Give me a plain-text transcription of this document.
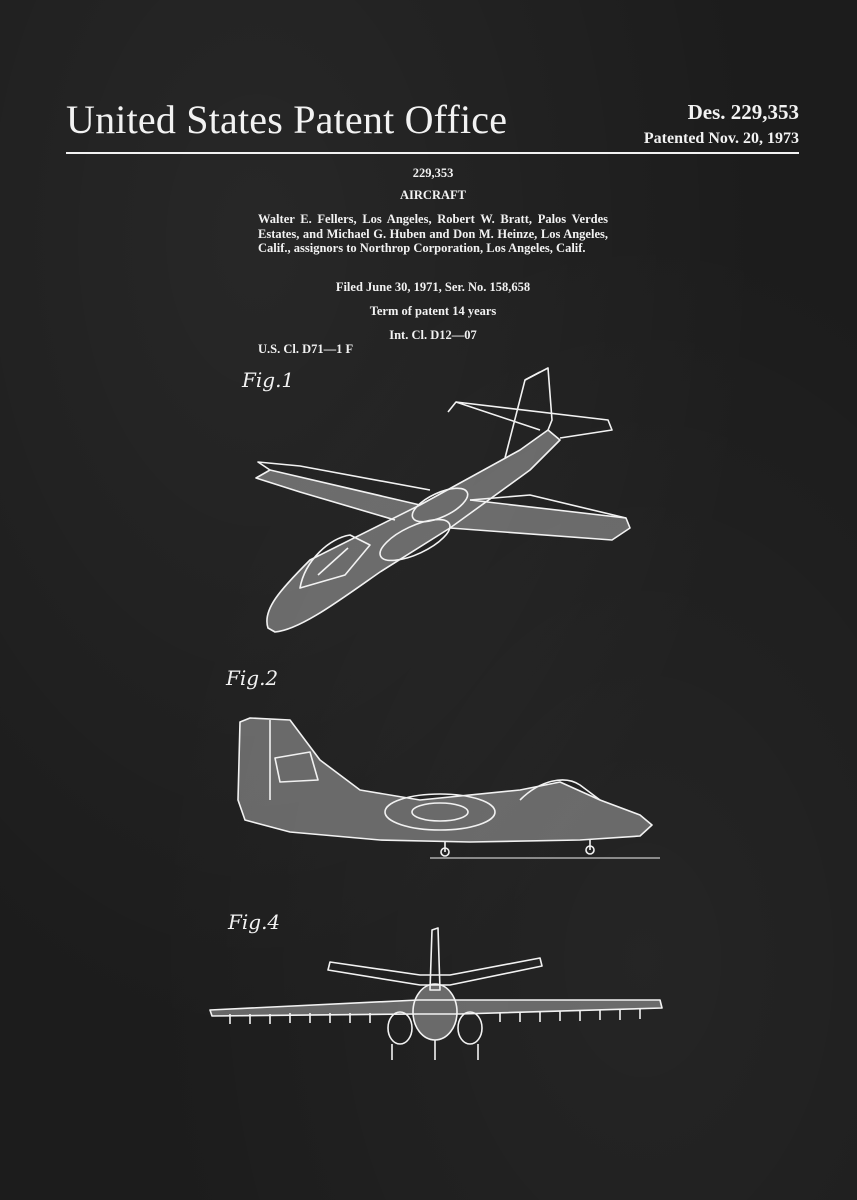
United States Patent Office	Des. 229,353
Patented Nov. 20, 1973
229,353
AIRCRAFT
Walter E. Fellers, Los Angeles, Robert W. Bratt, Palos Verdes Estates, and Michael G. Huben and Don M. Heinze, Los Angeles, Calif., assignors to Northrop Corporation, Los Angeles, Calif.
Filed June 30, 1971, Ser. No. 158,658
Term of patent 14 years
Int. Cl. D12—07
U.S. Cl. D71—1 F
Fig.1
Fig.2
Fig.4
